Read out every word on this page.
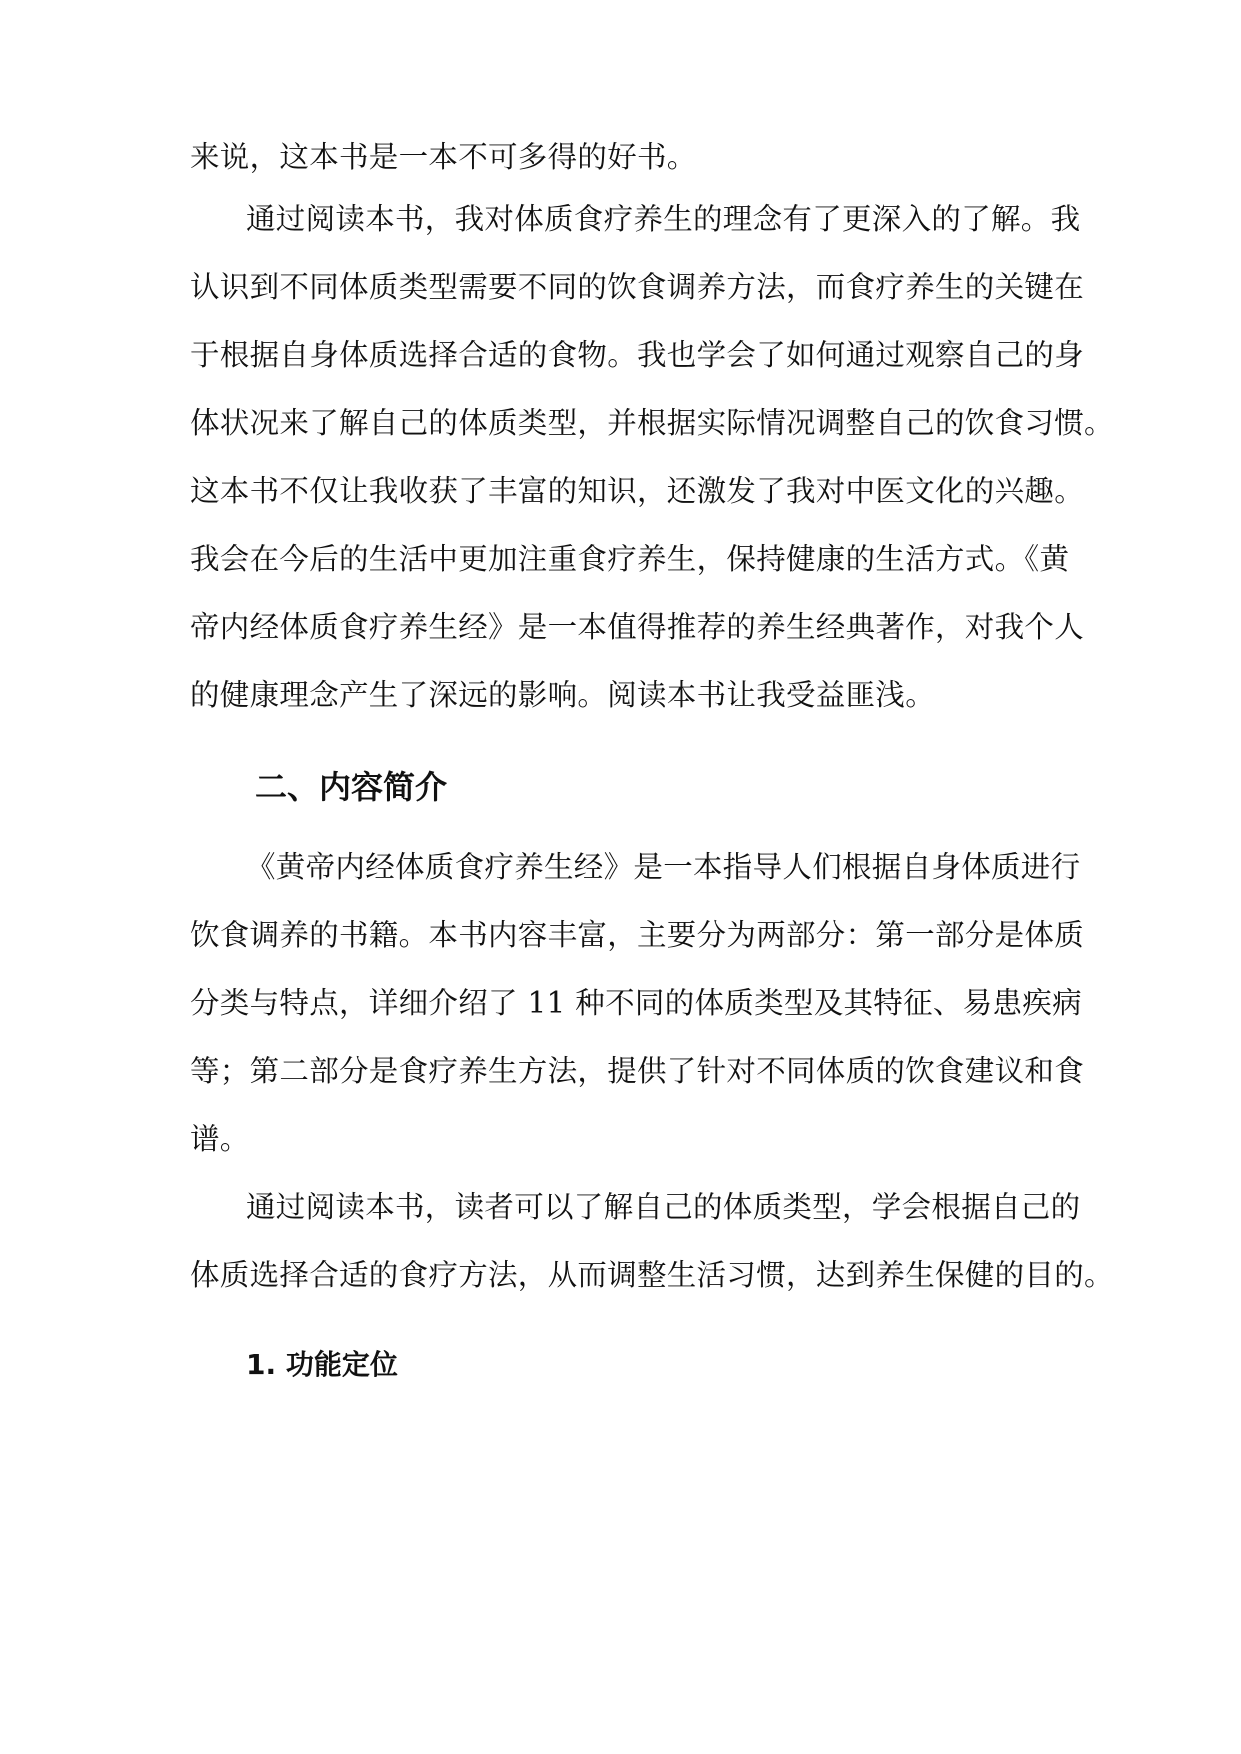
来说，这本书是一本不可多得的好书。
通过阅读本书，我对体质食疗养生的理念有了更深入的了解。我
认识到不同体质类型需要不同的饮食调养方法，而食疗养生的关键在
于根据自身体质选择合适的食物。我也学会了如何通过观察自己的身
体状况来了解自己的体质类型，并根据实际情况调整自己的饮食习惯。
这本书不仅让我收获了丰富的知识，还激发了我对中医文化的兴趣。
我会在今后的生活中更加注重食疗养生，保持健康的生活方式。《黄
帝内经体质食疗养生经》是一本值得推荐的养生经典著作，对我个人
的健康理念产生了深远的影响。阅读本书让我受益匪浅。
二、内容简介
《黄帝内经体质食疗养生经》是一本指导人们根据自身体质进行
饮食调养的书籍。本书内容丰富，主要分为两部分：第一部分是体质
分类与特点，详细介绍了 11 种不同的体质类型及其特征、易患疾病
等；第二部分是食疗养生方法，提供了针对不同体质的饮食建议和食
谱。
通过阅读本书，读者可以了解自己的体质类型，学会根据自己的
体质选择合适的食疗方法，从而调整生活习惯，达到养生保健的目的。
1. 功能定位
